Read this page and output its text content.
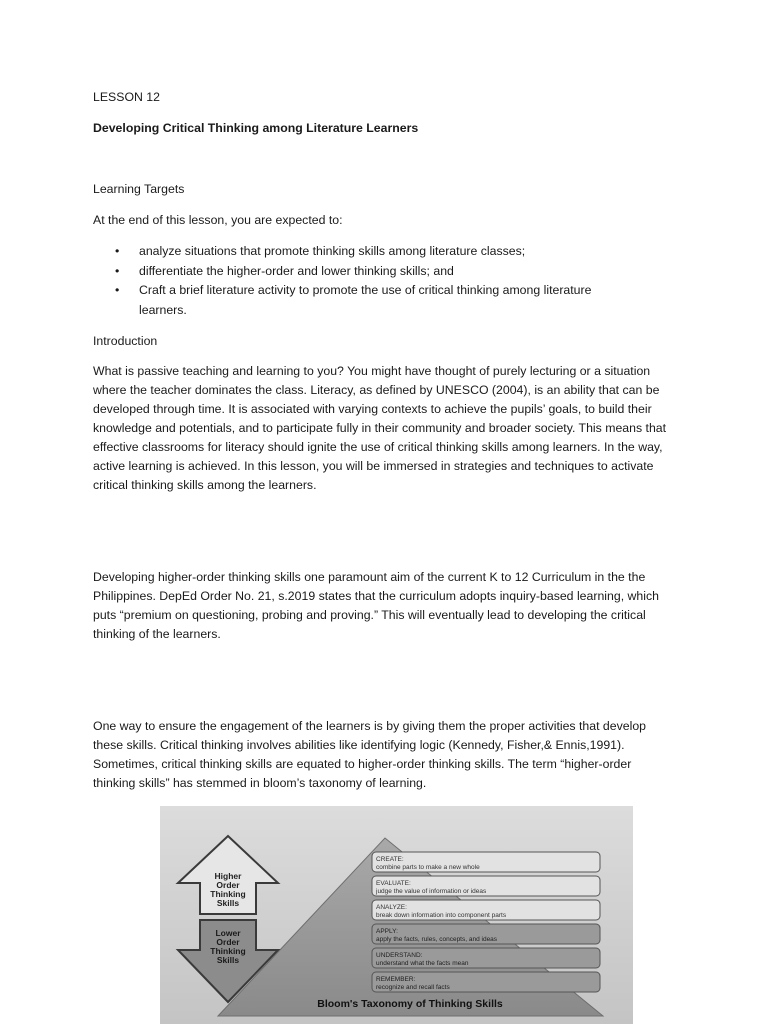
LESSON 12

Developing Critical Thinking among Literature Learners

Learning Targets

At the end of this lesson, you are expected to:

• analyze situations that promote thinking skills among literature classes;
• differentiate the higher-order and lower thinking skills; and
• Craft a brief literature activity to promote the use of critical thinking among literature learners.

Introduction

What is passive teaching and learning to you? You might have thought of purely lecturing or a situation where the teacher dominates the class. Literacy, as defined by UNESCO (2004), is an ability that can be developed through time. It is associated with varying contexts to achieve the pupils’ goals, to build their knowledge and potentials, and to participate fully in their community and broader society. This means that effective classrooms for literacy should ignite the use of critical thinking skills among learners. In the way, active learning is achieved. In this lesson, you will be immersed in strategies and techniques to activate critical thinking skills among the learners.

Developing higher-order thinking skills one paramount aim of the current K to 12 Curriculum in the the Philippines. DepEd Order No. 21, s.2019 states that the curriculum adopts inquiry-based learning, which puts “premium on questioning, probing and proving.” This will eventually lead to developing the critical thinking of the learners.

One way to ensure the engagement of the learners is by giving them the proper activities that develop these skills. Critical thinking involves abilities like identifying logic (Kennedy, Fisher,& Ennis,1991). Sometimes, critical thinking skills are equated to higher-order thinking skills. The term “higher-order thinking skills” has stemmed in bloom’s taxonomy of learning.

Higher
Order
Thinking
Skills
Lower
Order
Thinking
Skills
CREATE:
combine parts to make a new whole
EVALUATE:
judge the value of information or ideas
ANALYZE:
break down information into component parts
APPLY:
apply the facts, rules, concepts, and ideas
UNDERSTAND:
understand what the facts mean
REMEMBER:
recognize and recall facts
Bloom's Taxonomy of Thinking Skills
